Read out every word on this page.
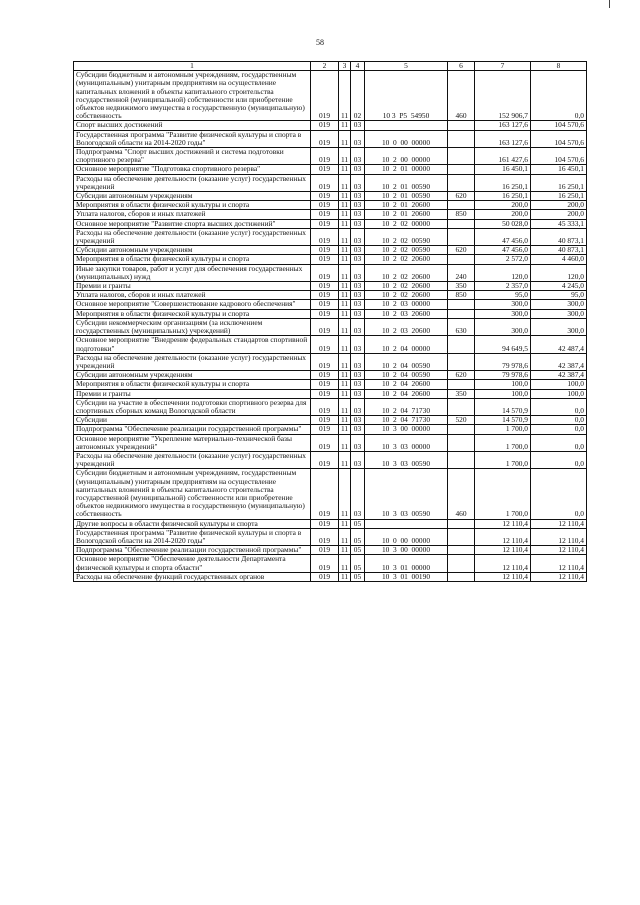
58
1	2	3	4	5	6	7	8
Субсидии бюджетным и автономным учреждениям, государственным (муниципальным) унитарным предприятиям на осуществление капитальных вложений в объекты капитального строительства государственной (муниципальной) собственности или приобретение объектов недвижимого имущества в государственную (муниципальную) собственность	019	11	02	10 3  P5  54950	460	152 906,7	0,0
Спорт высших достижений	019	11	03			163 127,6	104 570,6
Государственная программа "Развитие физической культуры и спорта в Вологодской области на 2014-2020 годы"	019	11	03	10  0  00  00000		163 127,6	104 570,6
Подпрограмма "Спорт высших достижений и система подготовки спортивного резерва"	019	11	03	10  2  00  00000		161 427,6	104 570,6
Основное мероприятие "Подготовка спортивного резерва"	019	11	03	10  2  01  00000		16 450,1	16 450,1
Расходы на обеспечение деятельности (оказание услуг) государственных учреждений	019	11	03	10  2  01  00590		16 250,1	16 250,1
Субсидии автономным учреждениям	019	11	03	10  2  01  00590	620	16 250,1	16 250,1
Мероприятия в области физической культуры и спорта	019	11	03	10  2  01  20600		200,0	200,0
Уплата налогов, сборов и иных платежей	019	11	03	10  2  01  20600	850	200,0	200,0
Основное мероприятие "Развитие спорта высших достижений"	019	11	03	10  2  02  00000		50 028,0	45 333,1
Расходы на обеспечение деятельности (оказание услуг) государственных учреждений	019	11	03	10  2  02  00590		47 456,0	40 873,1
Субсидии автономным учреждениям	019	11	03	10  2  02  00590	620	47 456,0	40 873,1
Мероприятия в области физической культуры и спорта	019	11	03	10  2  02  20600		2 572,0	4 460,0
Иные закупки товаров, работ и услуг для обеспечения государственных (муниципальных) нужд	019	11	03	10  2  02  20600	240	120,0	120,0
Премии и гранты	019	11	03	10  2  02  20600	350	2 357,0	4 245,0
Уплата налогов, сборов и иных платежей	019	11	03	10  2  02  20600	850	95,0	95,0
Основное мероприятие "Совершенствование кадрового обеспечения"	019	11	03	10  2  03  00000		300,0	300,0
Мероприятия в области физической культуры и спорта	019	11	03	10  2  03  20600		300,0	300,0
Субсидии некоммерческим организациям (за исключением государственных (муниципальных) учреждений)	019	11	03	10  2  03  20600	630	300,0	300,0
Основное мероприятие "Внедрение федеральных стандартов спортивной подготовки"	019	11	03	10  2  04  00000		94 649,5	42 487,4
Расходы на обеспечение деятельности (оказание услуг) государственных учреждений	019	11	03	10  2  04  00590		79 978,6	42 387,4
Субсидии автономным учреждениям	019	11	03	10  2  04  00590	620	79 978,6	42 387,4
Мероприятия в области физической культуры и спорта	019	11	03	10  2  04  20600		100,0	100,0
Премии и гранты	019	11	03	10  2  04  20600	350	100,0	100,0
Субсидии на участие в обеспечении подготовки спортивного резерва для спортивных сборных команд Вологодской области	019	11	03	10  2  04  71730		14 570,9	0,0
Субсидии	019	11	03	10  2  04  71730	520	14 570,9	0,0
Подпрограмма "Обеспечение реализации государственной программы"	019	11	03	10  3  00  00000		1 700,0	0,0
Основное мероприятие "Укрепление материально-технической базы автономных учреждений"	019	11	03	10  3  03  00000		1 700,0	0,0
Расходы на обеспечение деятельности (оказание услуг) государственных учреждений	019	11	03	10  3  03  00590		1 700,0	0,0
Субсидии бюджетным и автономным учреждениям, государственным (муниципальным) унитарным предприятиям на осуществление капитальных вложений в объекты капитального строительства государственной (муниципальной) собственности или приобретение объектов недвижимого имущества в государственную (муниципальную) собственность	019	11	03	10  3  03  00590	460	1 700,0	0,0
Другие вопросы в области физической культуры и спорта	019	11	05			12 110,4	12 110,4
Государственная программа "Развитие физической культуры и спорта в Вологодской области на 2014-2020 годы"	019	11	05	10  0  00  00000		12 110,4	12 110,4
Подпрограмма "Обеспечение реализации государственной программы"	019	11	05	10  3  00  00000		12 110,4	12 110,4
Основное мероприятие "Обеспечение деятельности Департамента физической культуры и спорта области"	019	11	05	10  3  01  00000		12 110,4	12 110,4
Расходы на обеспечение функций государственных органов	019	11	05	10  3  01  00190		12 110,4	12 110,4
